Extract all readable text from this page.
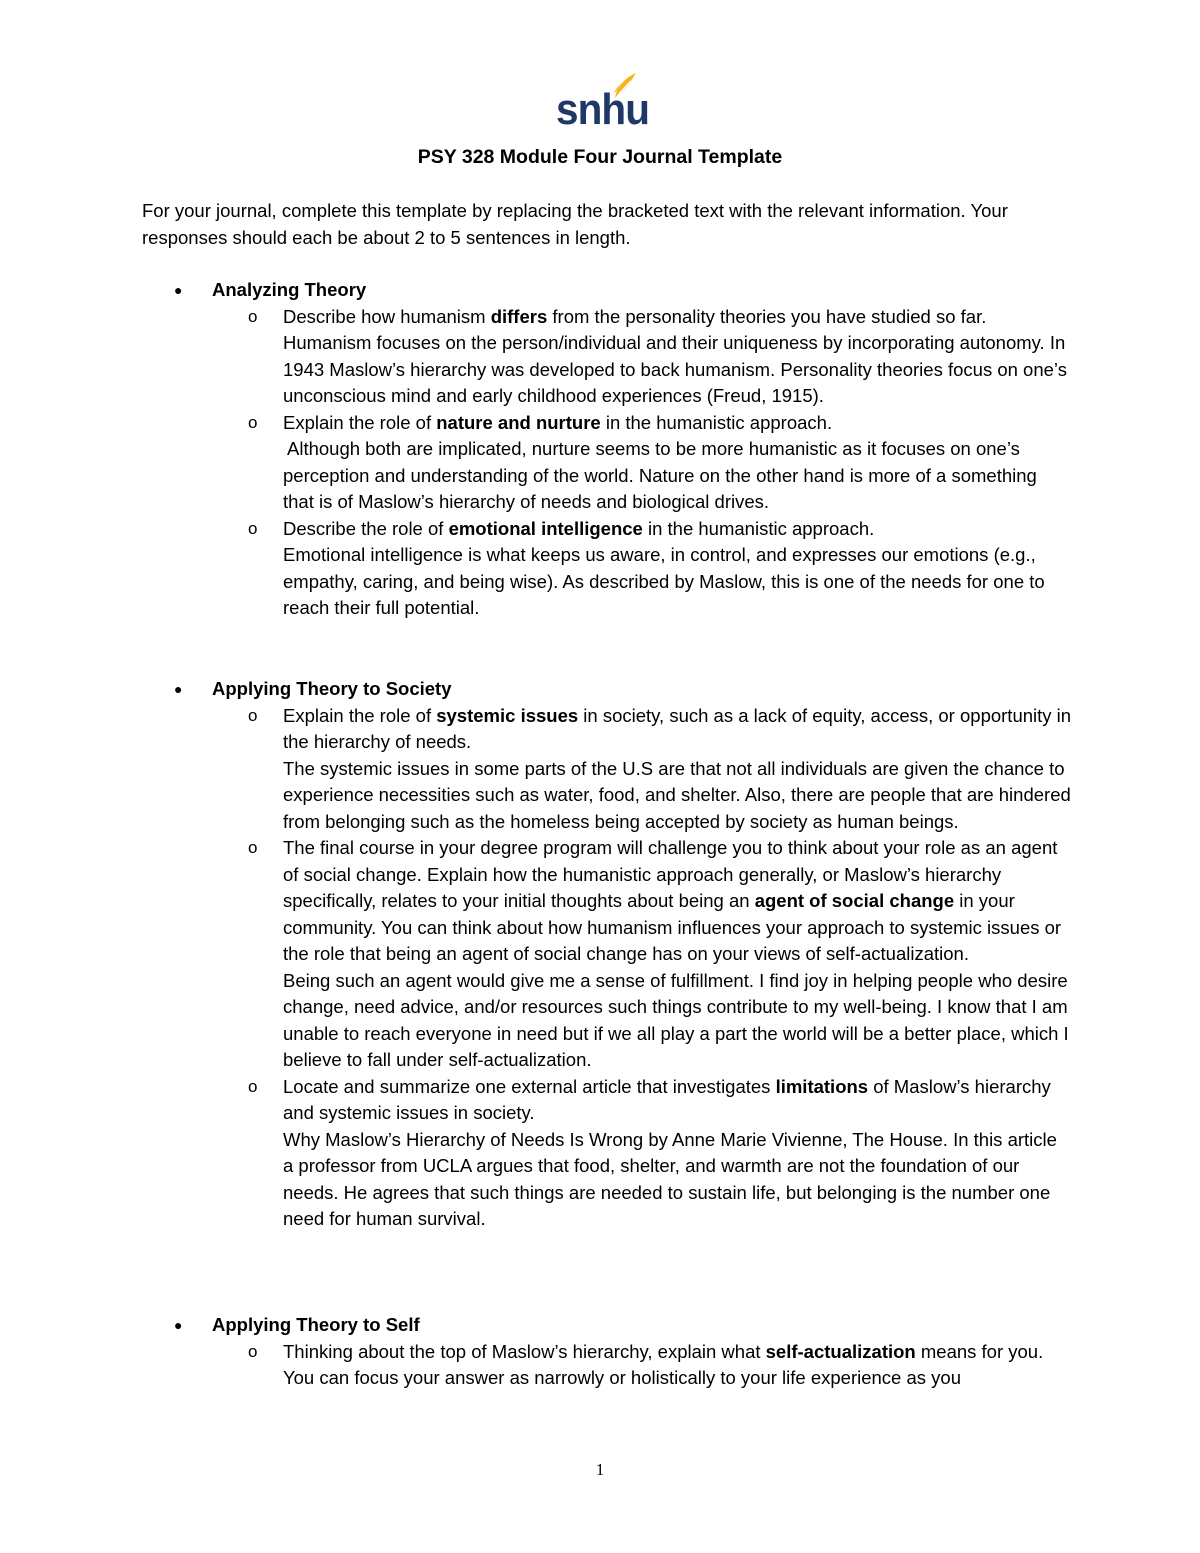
snhu
PSY 328 Module Four Journal Template
For your journal, complete this template by replacing the bracketed text with the relevant information. Your responses should each be about 2 to 5 sentences in length.
● Analyzing Theory
o Describe how humanism differs from the personality theories you have studied so far.

Humanism focuses on the person/individual and their uniqueness by incorporating autonomy. In 1943 Maslow’s hierarchy was developed to back humanism. Personality theories focus on one’s unconscious mind and early childhood experiences (Freud, 1915).

o Explain the role of nature and nurture in the humanistic approach.

Although both are implicated, nurture seems to be more humanistic as it focuses on one’s perception and understanding of the world. Nature on the other hand is more of a something that is of Maslow’s hierarchy of needs and biological drives.

o Describe the role of emotional intelligence in the humanistic approach.

Emotional intelligence is what keeps us aware, in control, and expresses our emotions (e.g., empathy, caring, and being wise). As described by Maslow, this is one of the needs for one to reach their full potential.

● Applying Theory to Society
o Explain the role of systemic issues in society, such as a lack of equity, access, or opportunity in the hierarchy of needs.

The systemic issues in some parts of the U.S are that not all individuals are given the chance to experience necessities such as water, food, and shelter. Also, there are people that are hindered from belonging such as the homeless being accepted by society as human beings.

o The final course in your degree program will challenge you to think about your role as an agent of social change. Explain how the humanistic approach generally, or Maslow’s hierarchy specifically, relates to your initial thoughts about being an agent of social change in your community. You can think about how humanism influences your approach to systemic issues or the role that being an agent of social change has on your views of self-actualization.

Being such an agent would give me a sense of fulfillment. I find joy in helping people who desire change, need advice, and/or resources such things contribute to my well-being. I know that I am unable to reach everyone in need but if we all play a part the world will be a better place, which I believe to fall under self-actualization.

o Locate and summarize one external article that investigates limitations of Maslow’s hierarchy and systemic issues in society.

Why Maslow’s Hierarchy of Needs Is Wrong by Anne Marie Vivienne, The House. In this article a professor from UCLA argues that food, shelter, and warmth are not the foundation of our needs. He agrees that such things are needed to sustain life, but belonging is the number one need for human survival.

● Applying Theory to Self
o Thinking about the top of Maslow’s hierarchy, explain what self-actualization means for you. You can focus your answer as narrowly or holistically to your life experience as you

1
